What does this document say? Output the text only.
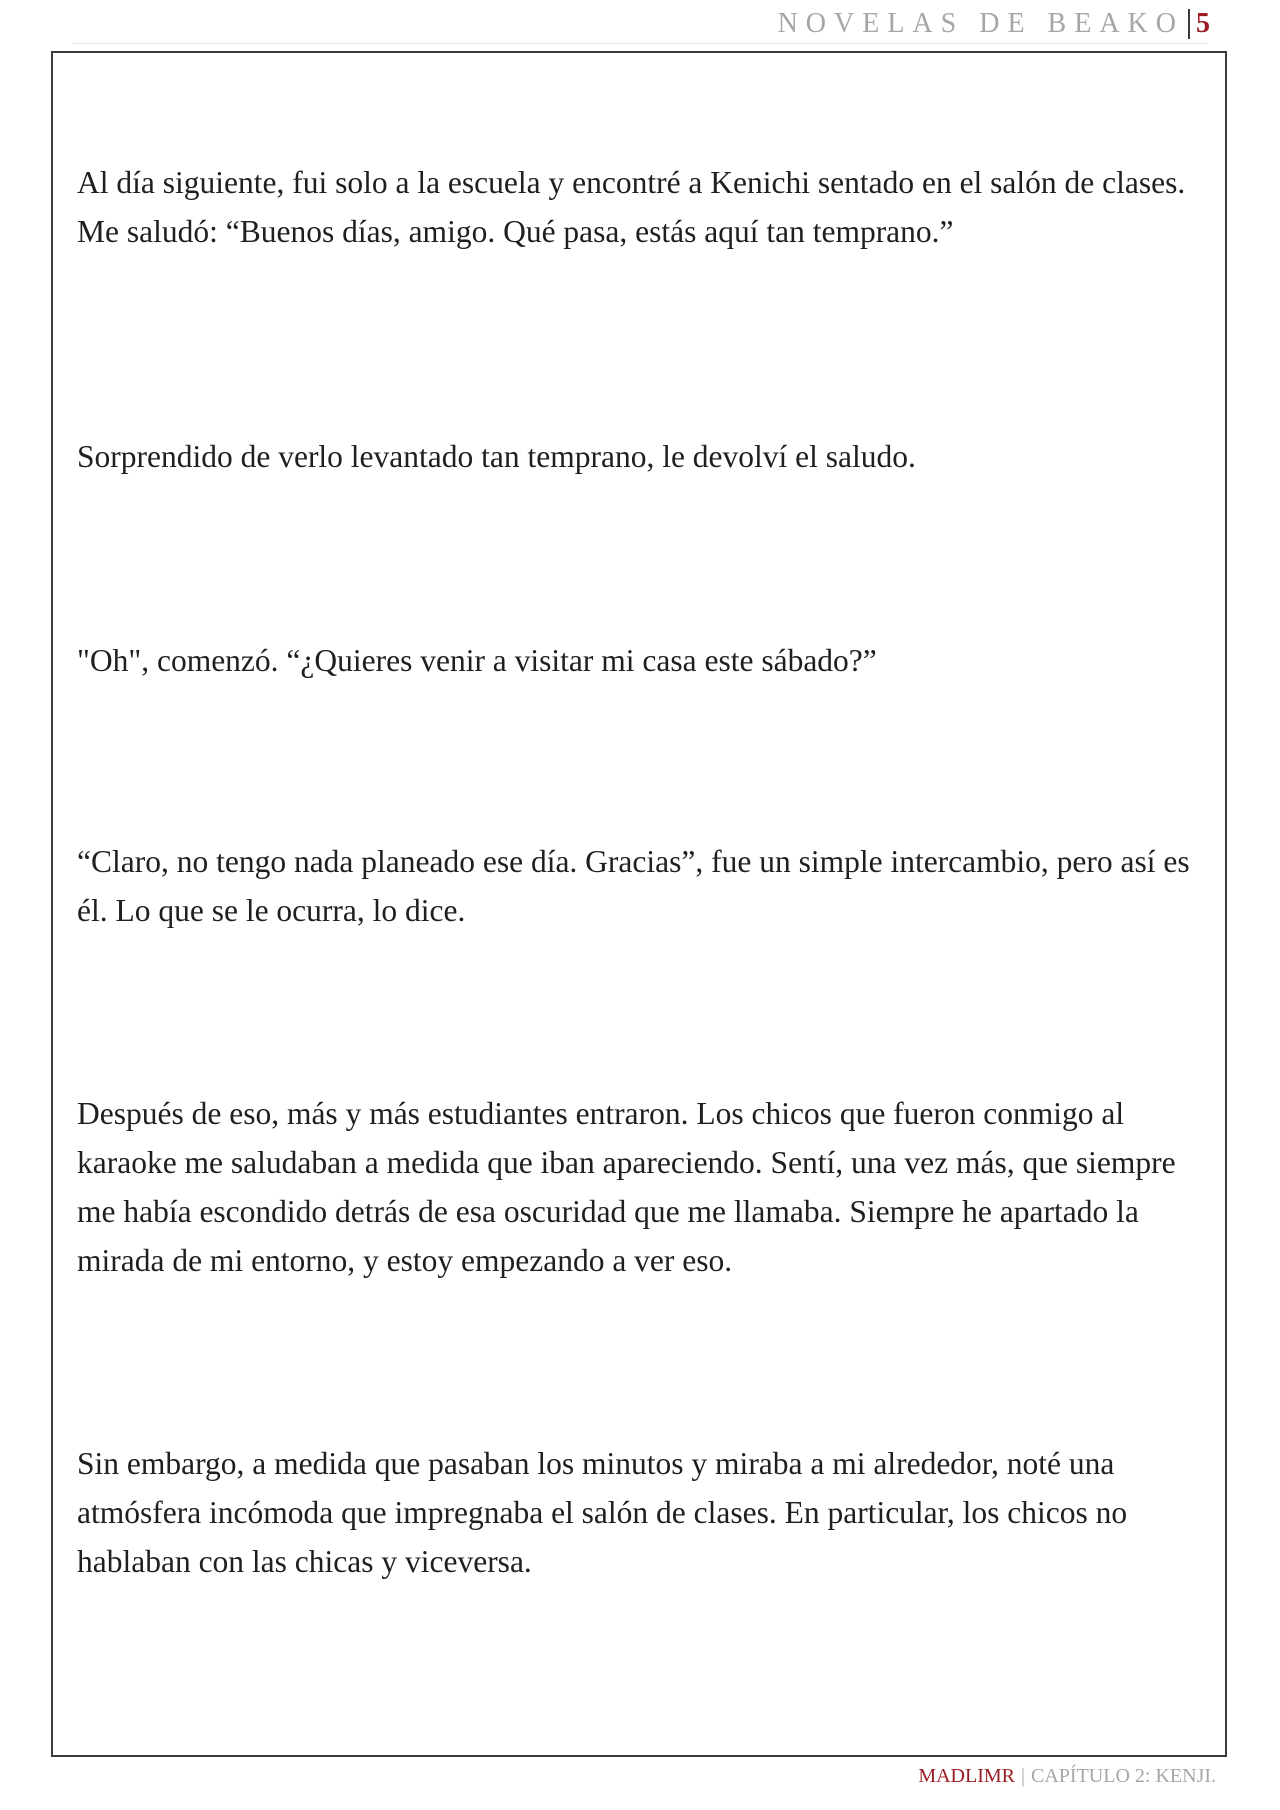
NOVELAS DE BEAKO 5

Al día siguiente, fui solo a la escuela y encontré a Kenichi sentado en el salón de clases. Me saludó: “Buenos días, amigo. Qué pasa, estás aquí tan temprano.”

Sorprendido de verlo levantado tan temprano, le devolví el saludo.

"Oh", comenzó. “¿Quieres venir a visitar mi casa este sábado?”

“Claro, no tengo nada planeado ese día. Gracias”, fue un simple intercambio, pero así es él. Lo que se le ocurra, lo dice.

Después de eso, más y más estudiantes entraron. Los chicos que fueron conmigo al karaoke me saludaban a medida que iban apareciendo. Sentí, una vez más, que siempre me había escondido detrás de esa oscuridad que me llamaba. Siempre he apartado la mirada de mi entorno, y estoy empezando a ver eso.

Sin embargo, a medida que pasaban los minutos y miraba a mi alrededor, noté una atmósfera incómoda que impregnaba el salón de clases. En particular, los chicos no hablaban con las chicas y viceversa.

MADLIMR | CAPÍTULO 2: KENJI.
